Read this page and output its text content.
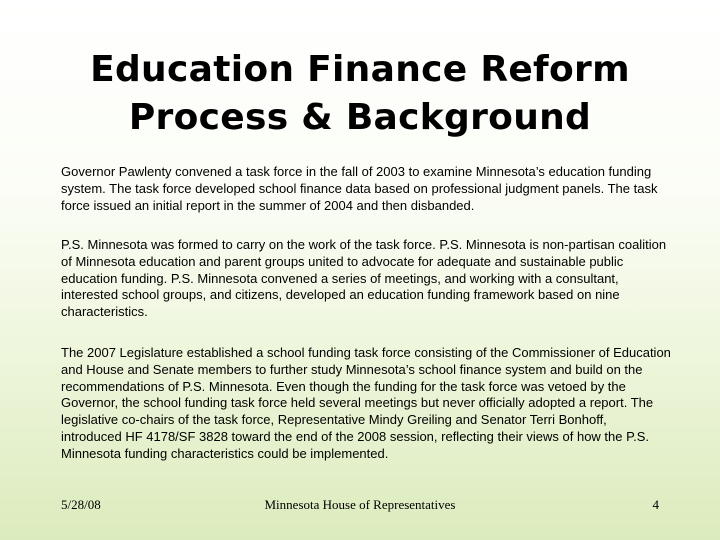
Education Finance Reform
Process & Background

Governor Pawlenty convened a task force in the fall of 2003 to examine Minnesota’s education funding system. The task force developed school finance data based on professional judgment panels. The task force issued an initial report in the summer of 2004 and then disbanded.

P.S. Minnesota was formed to carry on the work of the task force. P.S. Minnesota is non-partisan coalition of Minnesota education and parent groups united to advocate for adequate and sustainable public education funding. P.S. Minnesota convened a series of meetings, and working with a consultant, interested school groups, and citizens, developed an education funding framework based on nine characteristics.

The 2007 Legislature established a school funding task force consisting of the Commissioner of Education and House and Senate members to further study Minnesota’s school finance system and build on the recommendations of P.S. Minnesota. Even though the funding for the task force was vetoed by the Governor, the school funding task force held several meetings but never officially adopted a report. The legislative co-chairs of the task force, Representative Mindy Greiling and Senator Terri Bonhoff, introduced HF 4178/SF 3828 toward the end of the 2008 session, reflecting their views of how the P.S. Minnesota funding characteristics could be implemented.

5/28/08	Minnesota House of Representatives	4
